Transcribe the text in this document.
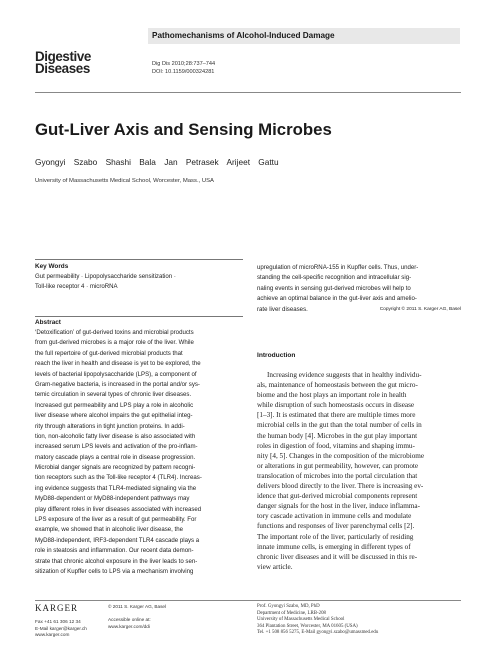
Pathomechanisms of Alcohol-Induced Damage
Digestive
Diseases	Dig Dis 2010;28:737–744
DOI: 10.1159/000324281
Gut-Liver Axis and Sensing Microbes
Gyongyi Szabo Shashi Bala Jan Petrasek Arijeet Gattu
University of Massachusetts Medical School, Worcester, Mass., USA
Key Words
Gut permeability · Lipopolysaccharide sensitization ·
Toll-like receptor 4 · microRNA
Abstract
‘Detoxification’ of gut-derived toxins and microbial products
from gut-derived microbes is a major role of the liver. While
the full repertoire of gut-derived microbial products that
reach the liver in health and disease is yet to be explored, the
levels of bacterial lipopolysaccharide (LPS), a component of
Gram-negative bacteria, is increased in the portal and/or sys-
temic circulation in several types of chronic liver diseases.
Increased gut permeability and LPS play a role in alcoholic
liver disease where alcohol impairs the gut epithelial integ-
rity through alterations in tight junction proteins. In addi-
tion, non-alcoholic fatty liver disease is also associated with
increased serum LPS levels and activation of the pro-inflam-
matory cascade plays a central role in disease progression.
Microbial danger signals are recognized by pattern recogni-
tion receptors such as the Toll-like receptor 4 (TLR4). Increas-
ing evidence suggests that TLR4-mediated signaling via the
MyD88-dependent or MyD88-independent pathways may
play different roles in liver diseases associated with increased
LPS exposure of the liver as a result of gut permeability. For
example, we showed that in alcoholic liver disease, the
MyD88-independent, IRF3-dependent TLR4 cascade plays a
role in steatosis and inflammation. Our recent data demon-
strate that chronic alcohol exposure in the liver leads to sen-
sitization of Kupffer cells to LPS via a mechanism involving
upregulation of microRNA-155 in Kupffer cells. Thus, under-
standing the cell-specific recognition and intracellular sig-
naling events in sensing gut-derived microbes will help to
achieve an optimal balance in the gut-liver axis and amelio-
rate liver diseases.	Copyright © 2011 S. Karger AG, Basel
Introduction
Increasing evidence suggests that in healthy individu-
als, maintenance of homeostasis between the gut micro-
biome and the host plays an important role in health
while disruption of such homeostasis occurs in disease
[1–3]. It is estimated that there are multiple times more
microbial cells in the gut than the total number of cells in
the human body [4]. Microbes in the gut play important
roles in digestion of food, vitamins and shaping immu-
nity [4, 5]. Changes in the composition of the microbiome
or alterations in gut permeability, however, can promote
translocation of microbes into the portal circulation that
delivers blood directly to the liver. There is increasing ev-
idence that gut-derived microbial components represent
danger signals for the host in the liver, induce inflamma-
tory cascade activation in immune cells and modulate
functions and responses of liver parenchymal cells [2].
The important role of the liver, particularly of residing
innate immune cells, is emerging in different types of
chronic liver diseases and it will be discussed in this re-
view article.
KARGER
Fax +41 61 306 12 34
E-Mail karger@karger.ch
www.karger.com
© 2011 S. Karger AG, Basel

Accessible online at:
www.karger.com/ddi
Prof. Gyongyi Szabo, MD, PhD
Department of Medicine, LRB-208
University of Massachusetts Medical School
364 Plantation Street, Worcester, MA 01605 (USA)
Tel. +1 508 856 5275, E-Mail gyongyi.szabo@umassmed.edu
